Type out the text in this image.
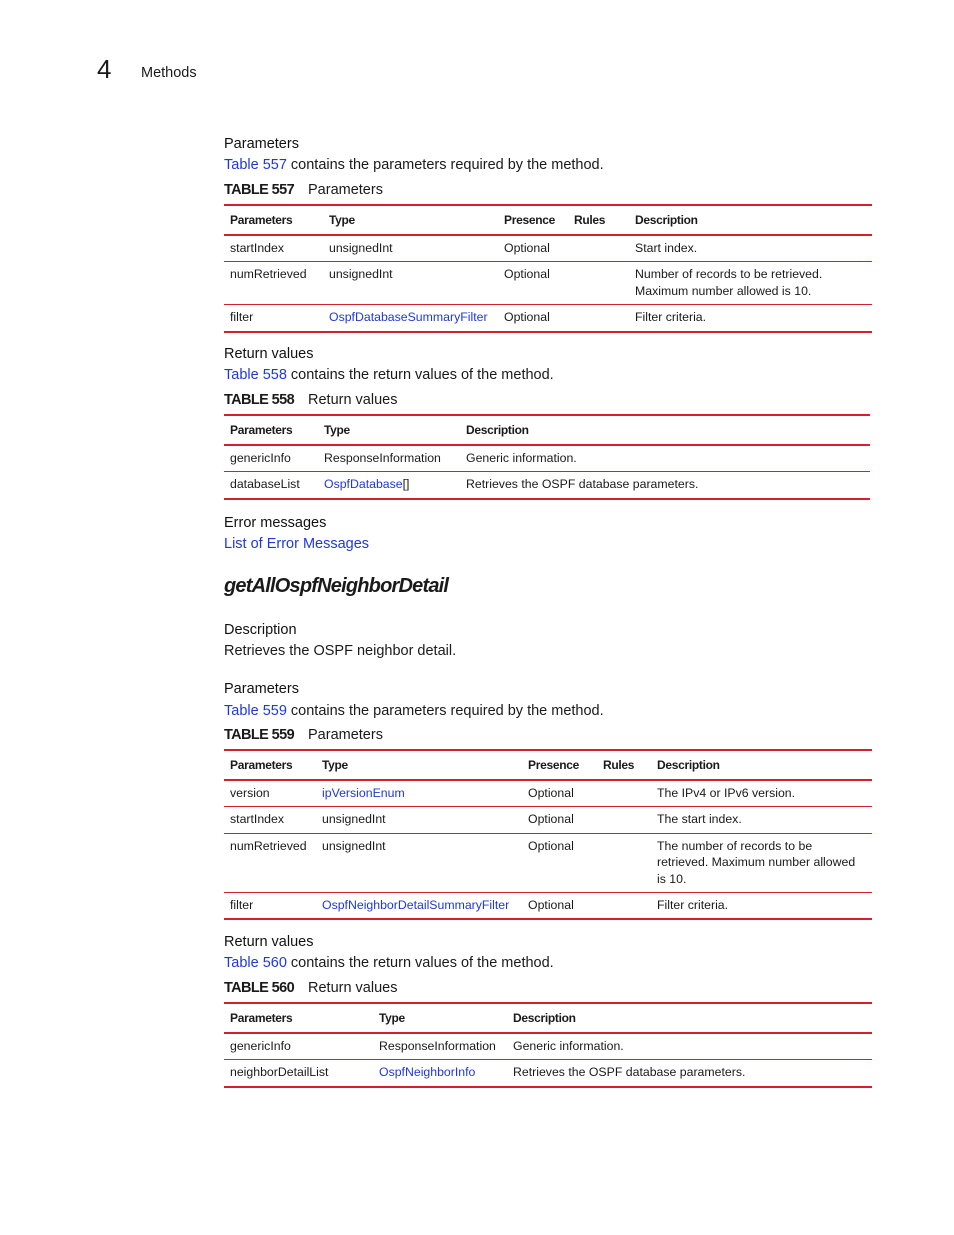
4 Methods
Parameters
Table 557 contains the parameters required by the method.
TABLE 557 Parameters
Parameters	Type	Presence	Rules	Description
startIndex	unsignedInt	Optional		Start index.
numRetrieved	unsignedInt	Optional		Number of records to be retrieved. Maximum number allowed is 10.
filter	OspfDatabaseSummaryFilter	Optional		Filter criteria.
Return values
Table 558 contains the return values of the method.
TABLE 558 Return values
Parameters	Type	Description
genericInfo	ResponseInformation	Generic information.
databaseList	OspfDatabase[]	Retrieves the OSPF database parameters.
Error messages
List of Error Messages
getAllOspfNeighborDetail
Description
Retrieves the OSPF neighbor detail.
Parameters
Table 559 contains the parameters required by the method.
TABLE 559 Parameters
Parameters	Type	Presence	Rules	Description
version	ipVersionEnum	Optional		The IPv4 or IPv6 version.
startIndex	unsignedInt	Optional		The start index.
numRetrieved	unsignedInt	Optional		The number of records to be retrieved. Maximum number allowed is 10.
filter	OspfNeighborDetailSummaryFilter	Optional		Filter criteria.
Return values
Table 560 contains the return values of the method.
TABLE 560 Return values
Parameters	Type	Description
genericInfo	ResponseInformation	Generic information.
neighborDetailList	OspfNeighborInfo	Retrieves the OSPF database parameters.
